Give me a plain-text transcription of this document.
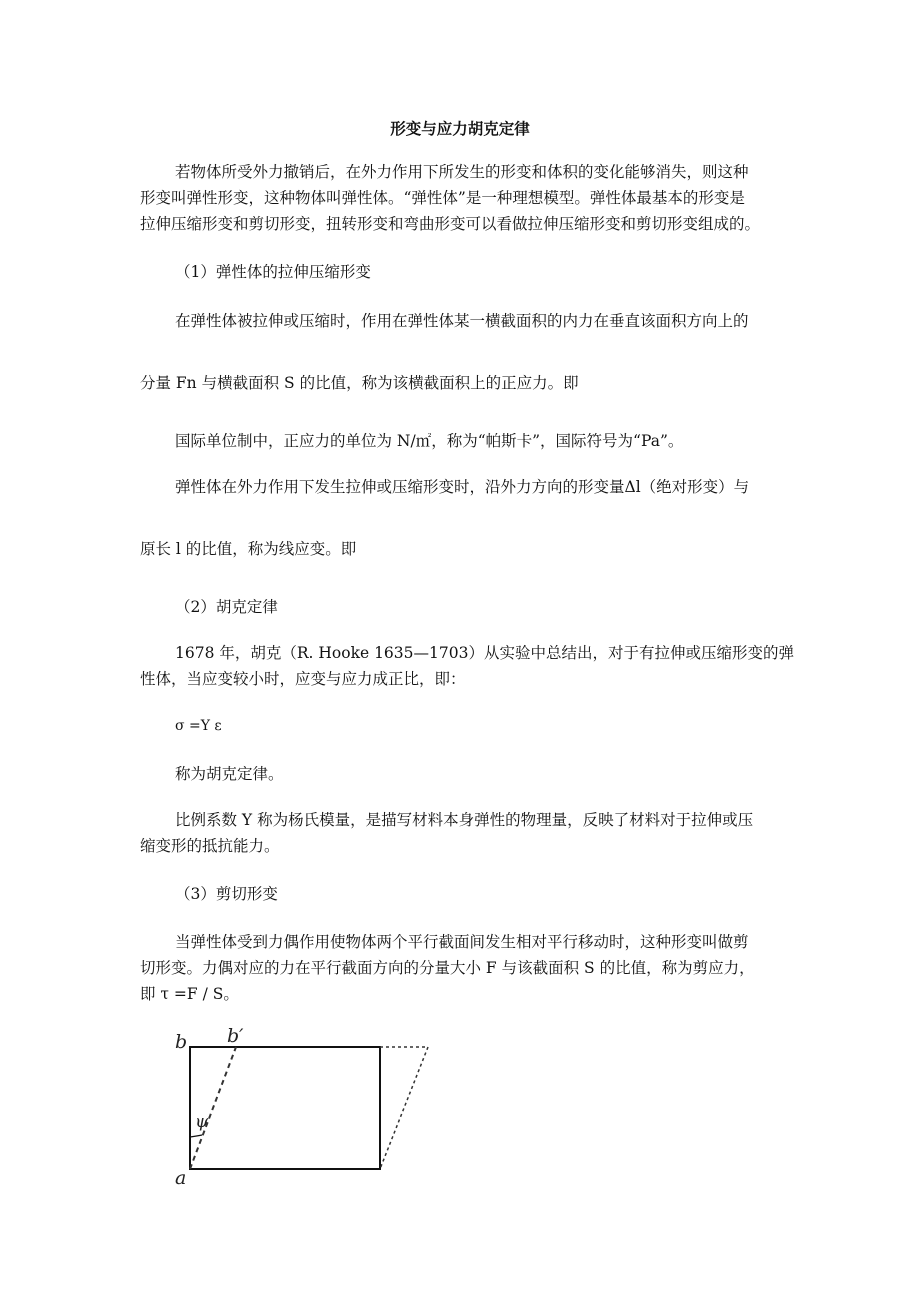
形变与应力胡克定律

若物体所受外力撤销后，在外力作用下所发生的形变和体积的变化能够消失，则这种

形变叫弹性形变，这种物体叫弹性体。“弹性体”是一种理想模型。弹性体最基本的形变是

拉伸压缩形变和剪切形变，扭转形变和弯曲形变可以看做拉伸压缩形变和剪切形变组成的。

（1）弹性体的拉伸压缩形变

在弹性体被拉伸或压缩时，作用在弹性体某一横截面积的内力在垂直该面积方向上的

分量 Fn 与横截面积 S 的比值，称为该横截面积上的正应力。即

国际单位制中，正应力的单位为 N/㎡，称为“帕斯卡”，国际符号为“Pa”。

弹性体在外力作用下发生拉伸或压缩形变时，沿外力方向的形变量Δl（绝对形变）与

原长 l 的比值，称为线应变。即

（2）胡克定律

1678 年，胡克（R. Hooke 1635—1703）从实验中总结出，对于有拉伸或压缩形变的弹

性体，当应变较小时，应变与应力成正比，即：

σ =Y ε

称为胡克定律。

比例系数 Y 称为杨氏模量，是描写材料本身弹性的物理量，反映了材料对于拉伸或压

缩变形的抵抗能力。

（3）剪切形变

当弹性体受到力偶作用使物体两个平行截面间发生相对平行移动时，这种形变叫做剪

切形变。力偶对应的力在平行截面方向的分量大小 F 与该截面积 S 的比值，称为剪应力，

即 τ =F / S。

b b′
a
ψ
